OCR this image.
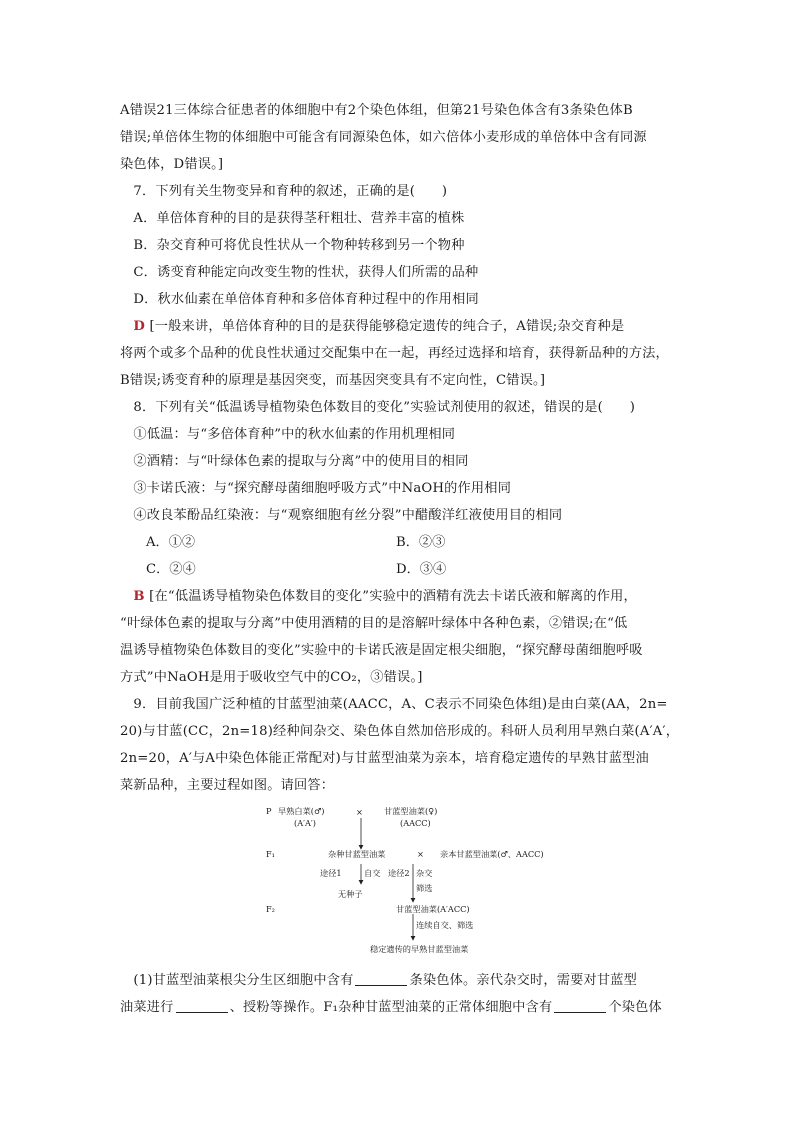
A错误21三体综合征患者的体细胞中有2个染色体组，但第21号染色体含有3条染色体B
错误;单倍体生物的体细胞中可能含有同源染色体，如六倍体小麦形成的单倍体中含有同源
染色体，D错误。]
　7．下列有关生物变异和育种的叙述，正确的是(　　)
　A．单倍体育种的目的是获得茎秆粗壮、营养丰富的植株
　B．杂交育种可将优良性状从一个物种转移到另一个物种
　C．诱变育种能定向改变生物的性状，获得人们所需的品种
　D．秋水仙素在单倍体育种和多倍体育种过程中的作用相同
　D [一般来讲，单倍体育种的目的是获得能够稳定遗传的纯合子，A错误;杂交育种是
将两个或多个品种的优良性状通过交配集中在一起，再经过选择和培育，获得新品种的方法，
B错误;诱变育种的原理是基因突变，而基因突变具有不定向性，C错误。]
　8．下列有关“低温诱导植物染色体数目的变化”实验试剂使用的叙述，错误的是(　　)
　①低温：与“多倍体育种”中的秋水仙素的作用机理相同
　②酒精：与“叶绿体色素的提取与分离”中的使用目的相同
　③卡诺氏液：与“探究酵母菌细胞呼吸方式”中NaOH的作用相同
　④改良苯酚品红染液：与“观察细胞有丝分裂”中醋酸洋红液使用目的相同
A．①②	B．②③
C．②④	D．③④
　B [在“低温诱导植物染色体数目的变化”实验中的酒精有洗去卡诺氏液和解离的作用，
“叶绿体色素的提取与分离”中使用酒精的目的是溶解叶绿体中各种色素，②错误;在“低
温诱导植物染色体数目的变化”实验中的卡诺氏液是固定根尖细胞，“探究酵母菌细胞呼吸
方式”中NaOH是用于吸收空气中的CO₂，③错误。]
　9．目前我国广泛种植的甘蓝型油菜(AACC，A、C表示不同染色体组)是由白菜(AA，2n=
20)与甘蓝(CC，2n=18)经种间杂交、染色体自然加倍形成的。科研人员利用早熟白菜(A′A′，
2n=20，A′与A中染色体能正常配对)与甘蓝型油菜为亲本，培育稳定遗传的早熟甘蓝型油
菜新品种，主要过程如图。请回答：
　(1)甘蓝型油菜根尖分生区细胞中含有	条染色体。亲代杂交时，需要对甘蓝型
油菜进行	、授粉等操作。F₁杂种甘蓝型油菜的正常体细胞中含有	个染色体
P 早熟白菜(♂)
(A′A′)
×	甘蓝型油菜(♀)
(AACC)
F₁	杂种甘蓝型油菜	× 亲本甘蓝型油菜(♂、AACC)
途径1	自交 途径2 杂交
筛选
无种子
F₂	甘蓝型油菜(A′ACC)
连续自交、筛选
稳定遗传的早熟甘蓝型油菜
